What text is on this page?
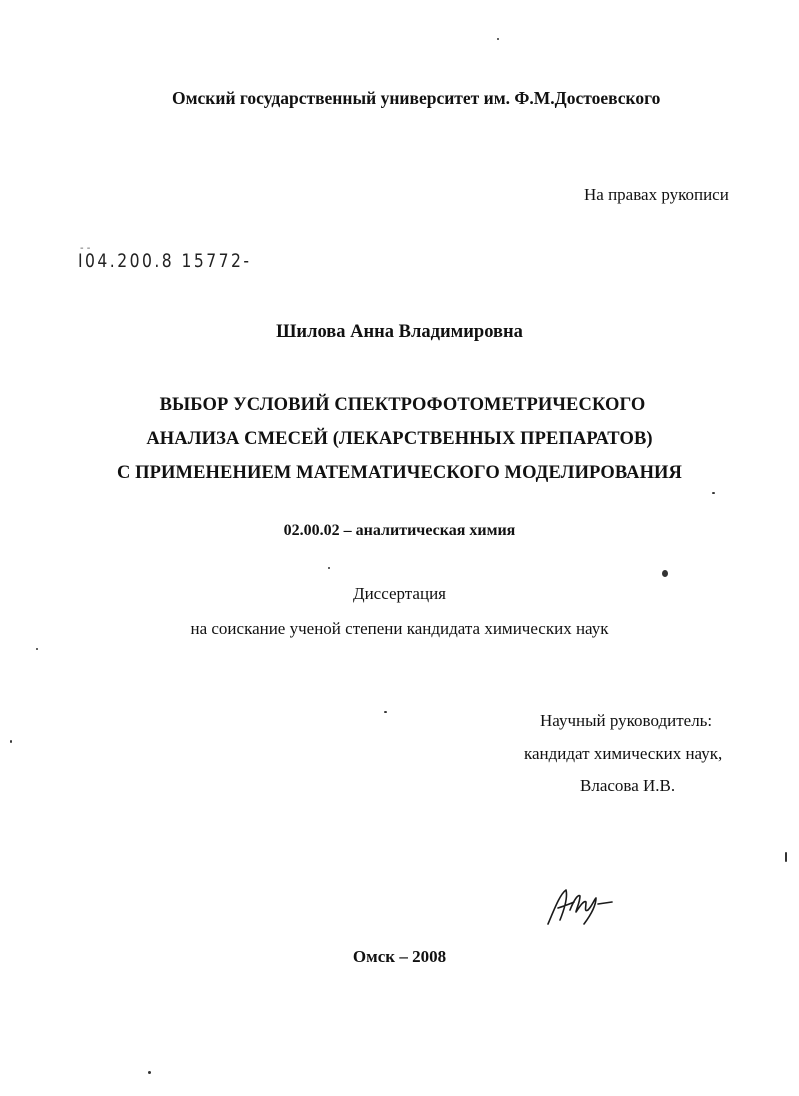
Омский государственный университет им. Ф.М.Достоевского
На правах рукописи
- -
I04.200.8 15772-
Шилова Анна Владимировна
ВЫБОР УСЛОВИЙ СПЕКТРОФОТОМЕТРИЧЕСКОГО
АНАЛИЗА СМЕСЕЙ (ЛЕКАРСТВЕННЫХ ПРЕПАРАТОВ)
С ПРИМЕНЕНИЕМ МАТЕМАТИЧЕСКОГО МОДЕЛИРОВАНИЯ
02.00.02 – аналитическая химия
Диссертация
на соискание ученой степени кандидата химических наук
Научный руководитель:
кандидат химических наук,
Власова И.В.
Омск – 2008
